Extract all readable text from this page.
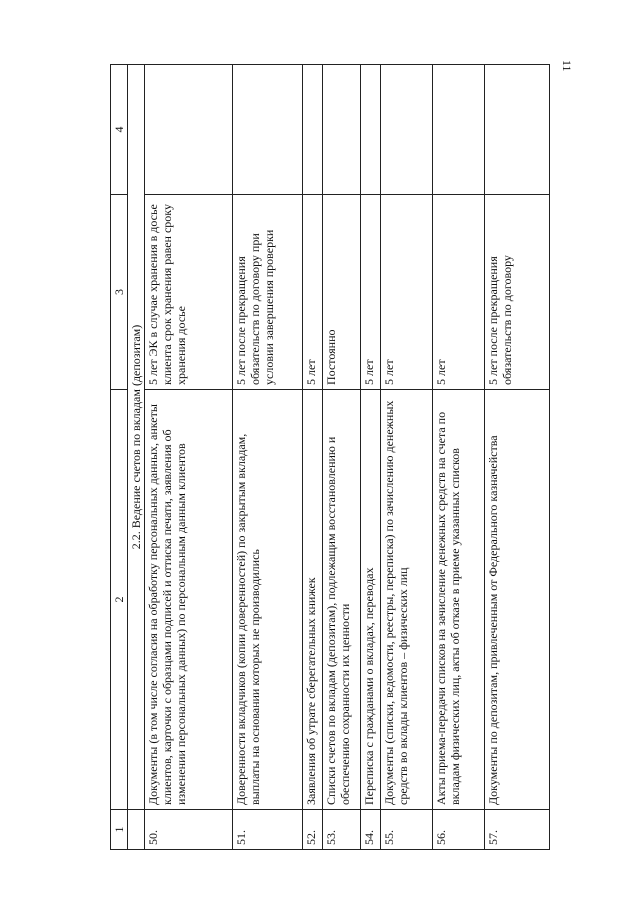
11
1	2	3	4
	2.2. Ведение счетов по вкладам (депозитам)		
50.	Документы (в том числе согласия на обработку персональных данных, анкеты клиентов, карточки с образцами подписей и оттиска печати, заявления об изменении персональных данных) по персональным данным клиентов	5 лет ЭК в случае хранения в досье клиента срок хранения равен сроку хранения досье	
51.	Доверенности вкладчиков (копии доверенностей) по закрытым вкладам, выплаты на основании которых не производились	5 лет после прекращения обязательств по договору при условии завершения проверки	
52.	Заявления об утрате сберегательных книжек	5 лет	
53.	Списки счетов по вкладам (депозитам), подлежащим восстановлению и обеспечению сохранности их ценности	Постоянно	
54.	Переписка с гражданами о вкладах, переводах	5 лет	
55.	Документы (списки, ведомости, реестры, переписка) по зачислению денежных средств во вклады клиентов – физических лиц	5 лет	
56.	Акты приема-передачи списков на зачисление денежных средств на счета по вкладам физических лиц, акты об отказе в приеме указанных списков	5 лет	
57.	Документы по депозитам, привлеченным от Федерального казначейства	5 лет после прекращения обязательств по договору	
